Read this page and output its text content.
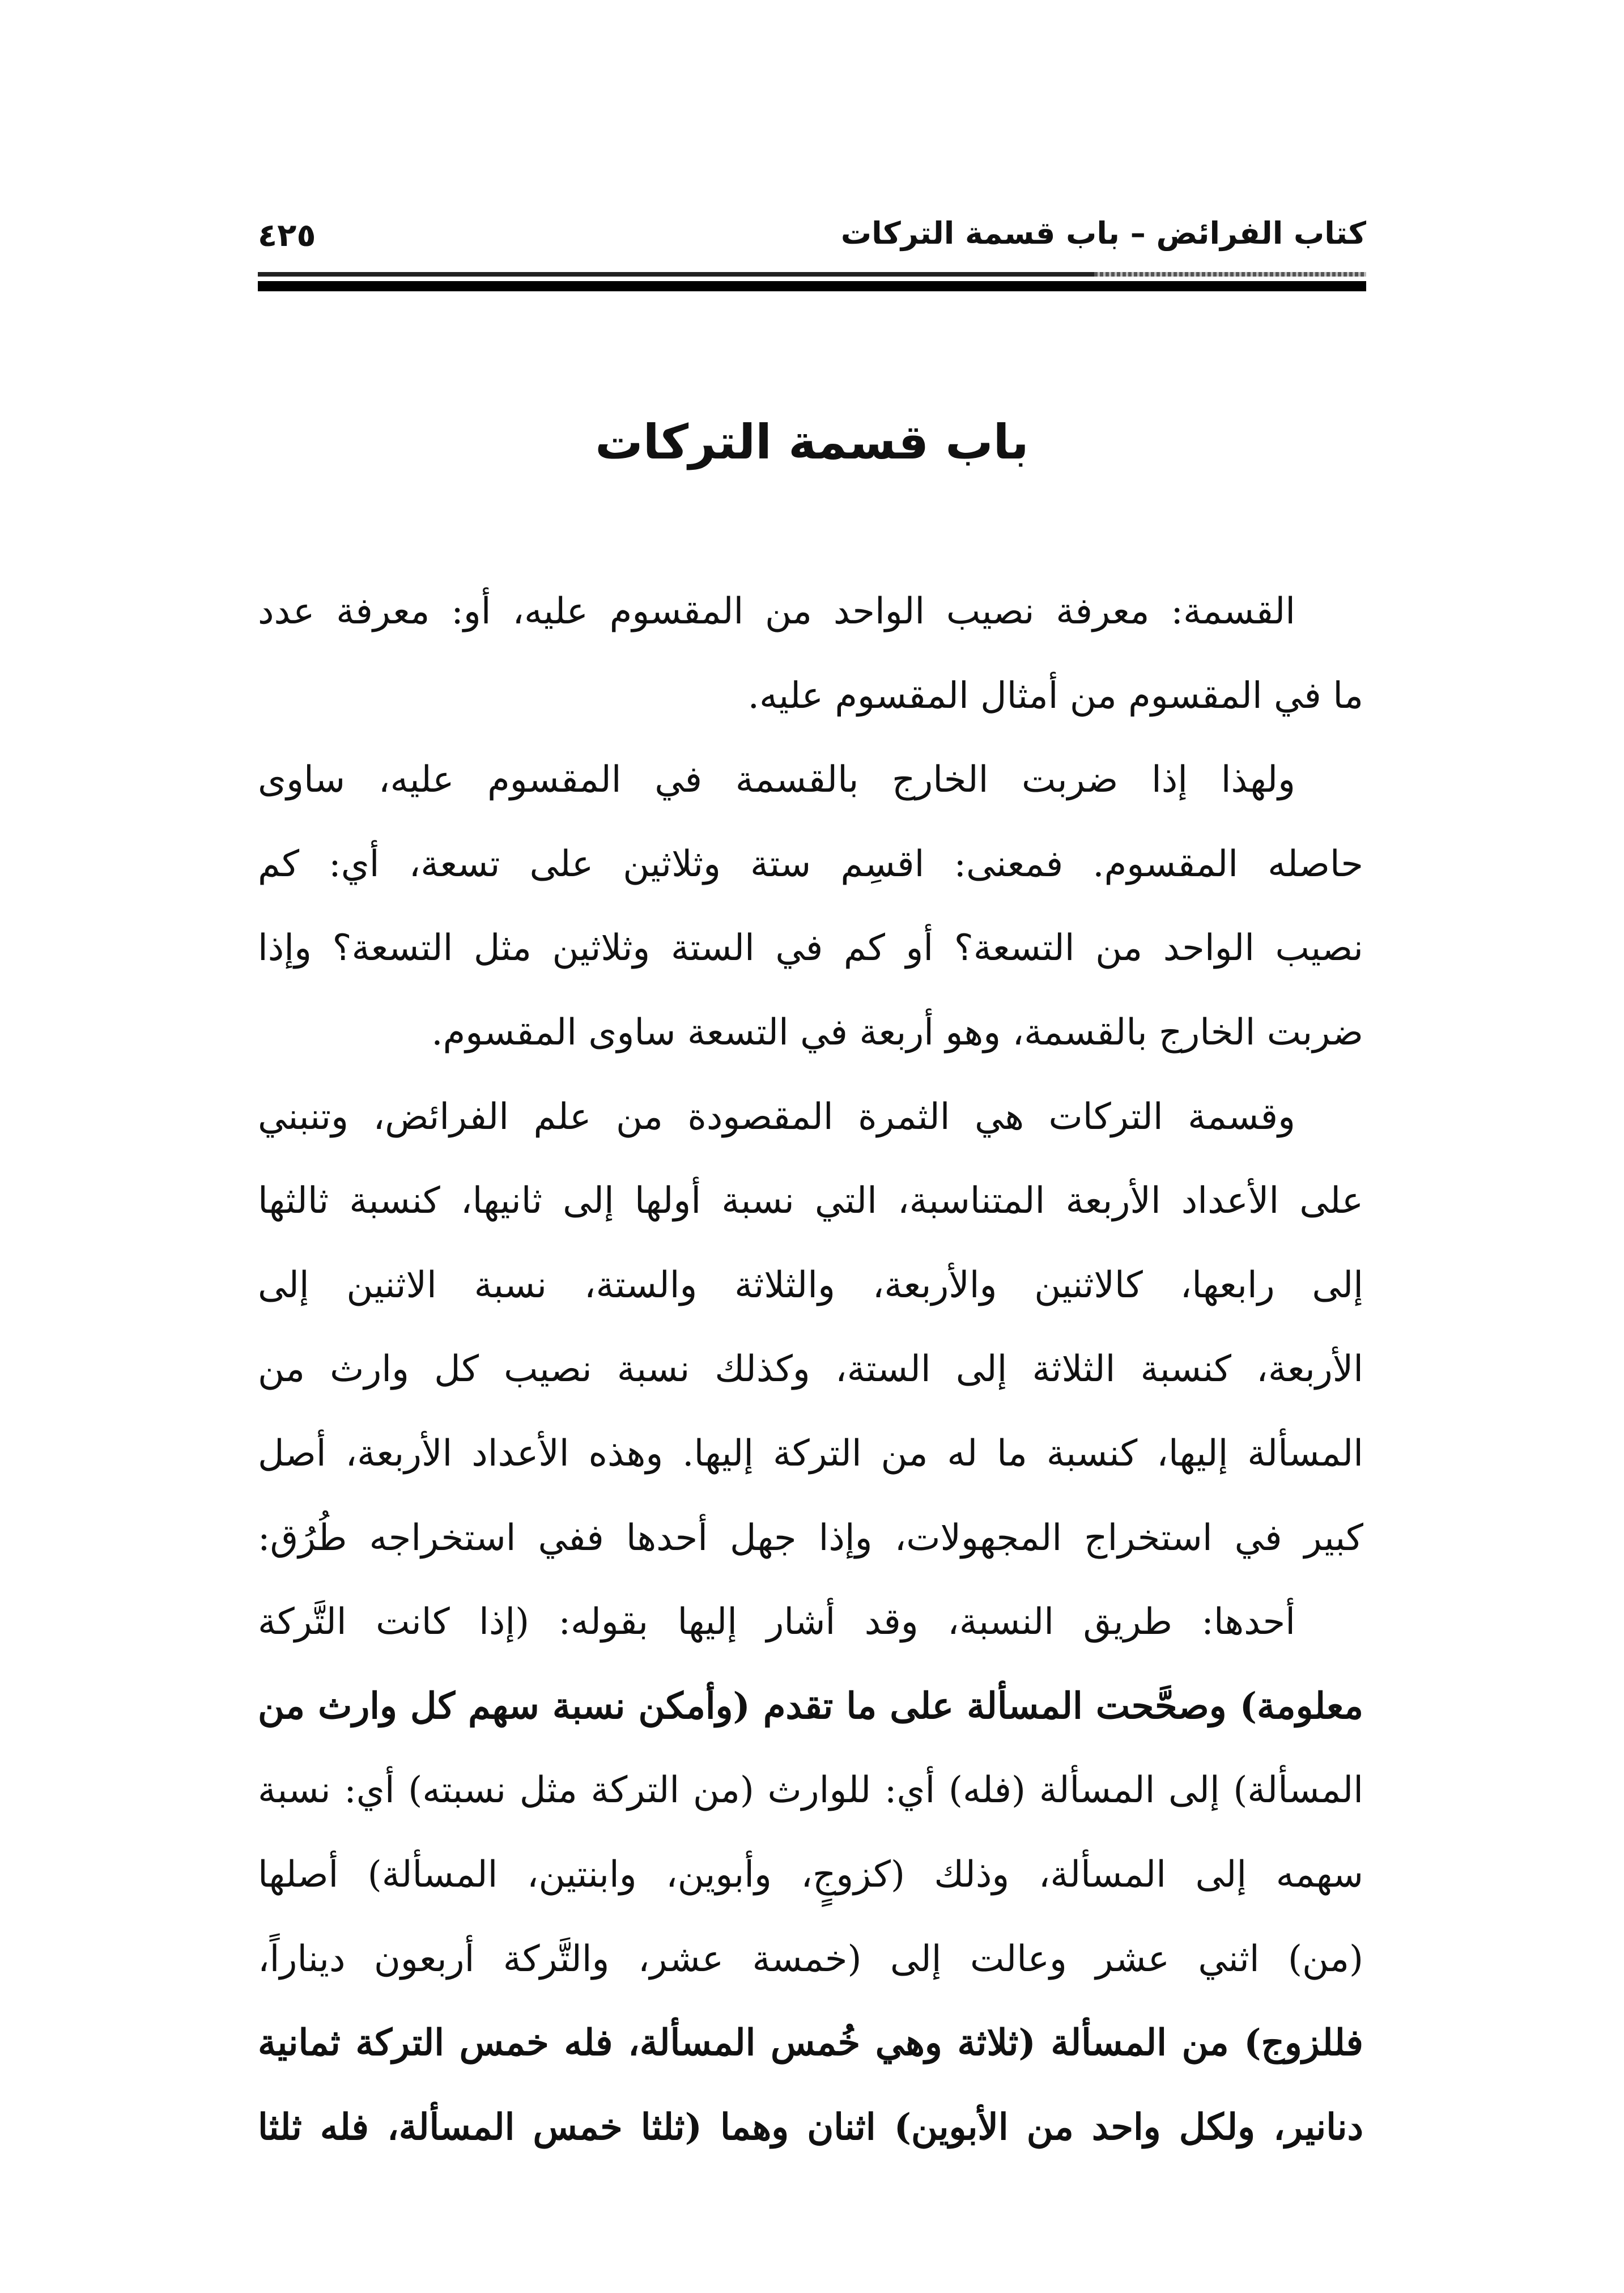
كتاب الفرائض – باب قسمة التركات
٤٢٥
باب قسمة التركات
القسمة: معرفة نصيب الواحد من المقسوم عليه، أو: معرفة عدد
ما في المقسوم من أمثال المقسوم عليه.
ولهذا إذا ضربت الخارج بالقسمة في المقسوم عليه، ساوى
حاصله المقسوم. فمعنى: اقسِم ستة وثلاثين على تسعة، أي: كم
نصيب الواحد من التسعة؟ أو كم في الستة وثلاثين مثل التسعة؟ وإذا
ضربت الخارج بالقسمة، وهو أربعة في التسعة ساوى المقسوم.
وقسمة التركات هي الثمرة المقصودة من علم الفرائض، وتنبني
على الأعداد الأربعة المتناسبة، التي نسبة أولها إلى ثانيها، كنسبة ثالثها
إلى رابعها، كالاثنين والأربعة، والثلاثة والستة، نسبة الاثنين إلى
الأربعة، كنسبة الثلاثة إلى الستة، وكذلك نسبة نصيب كل وارث من
المسألة إليها، كنسبة ما له من التركة إليها. وهذه الأعداد الأربعة، أصل
كبير في استخراج المجهولات، وإذا جهل أحدها ففي استخراجه طُرُق:
أحدها: طريق النسبة، وقد أشار إليها بقوله: (إذا كانت التَّركة
معلومة) وصحَّحت المسألة على ما تقدم (وأمكن نسبة سهم كل وارث من
المسألة) إلى المسألة (فله) أي: للوارث (من التركة مثل نسبته) أي: نسبة
سهمه إلى المسألة، وذلك (كزوجٍ، وأبوين، وابنتين، المسألة) أصلها
(من) اثني عشر وعالت إلى (خمسة عشر، والتَّركة أربعون ديناراً،
فللزوج) من المسألة (ثلاثة وهي خُمس المسألة، فله خمس التركة ثمانية
دنانير، ولكل واحد من الأبوين) اثنان وهما (ثلثا خمس المسألة، فله ثلثا
